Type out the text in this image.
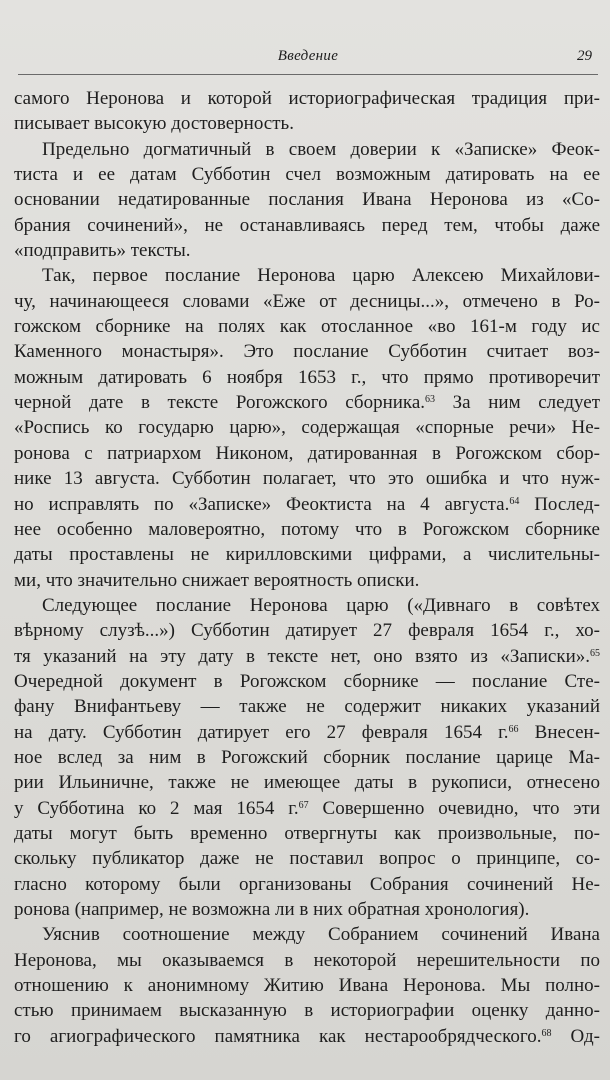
Введение	29
самого Неронова и которой историографическая традиция при-
писывает высокую достоверность.
Предельно догматичный в своем доверии к «Записке» Феок-
тиста и ее датам Субботин счел возможным датировать на ее
основании недатированные послания Ивана Неронова из «Со-
брания сочинений», не останавливаясь перед тем, чтобы даже
«подправить» тексты.
Так, первое послание Неронова царю Алексею Михайлови-
чу, начинающееся словами «Еже от десницы...», отмечено в Ро-
гожском сборнике на полях как отосланное «во 161-м году ис
Каменного монастыря». Это послание Субботин считает воз-
можным датировать 6 ноября 1653 г., что прямо противоречит
черной дате в тексте Рогожского сборника.$^{63}$ За ним следует
«Роспись ко государю царю», содержащая «спорные речи» Не-
ронова с патриархом Никоном, датированная в Рогожском сбор-
нике 13 августа. Субботин полагает, что это ошибка и что нуж-
но исправлять по «Записке» Феоктиста на 4 августа.$^{64}$ Послед-
нее особенно маловероятно, потому что в Рогожском сборнике
даты проставлены не кирилловскими цифрами, а числительны-
ми, что значительно снижает вероятность описки.
Следующее послание Неронова царю («Дивнаго в совѣтех
вѣрному слузѣ...») Субботин датирует 27 февраля 1654 г., хо-
тя указаний на эту дату в тексте нет, оно взято из «Записки».$^{65}$
Очередной документ в Рогожском сборнике — послание Сте-
фану Внифантьеву — также не содержит никаких указаний
на дату. Субботин датирует его 27 февраля 1654 г.$^{66}$ Внесен-
ное вслед за ним в Рогожский сборник послание царице Ма-
рии Ильиничне, также не имеющее даты в рукописи, отнесено
у Субботина ко 2 мая 1654 г.$^{67}$ Совершенно очевидно, что эти
даты могут быть временно отвергнуты как произвольные, по-
скольку публикатор даже не поставил вопрос о принципе, со-
гласно которому были организованы Собрания сочинений Не-
ронова (например, не возможна ли в них обратная хронология).
Уяснив соотношение между Собранием сочинений Ивана
Неронова, мы оказываемся в некоторой нерешительности по
отношению к анонимному Житию Ивана Неронова. Мы полно-
стью принимаем высказанную в историографии оценку данно-
го агиографического памятника как нестарообрядческого.$^{68}$ Од-
